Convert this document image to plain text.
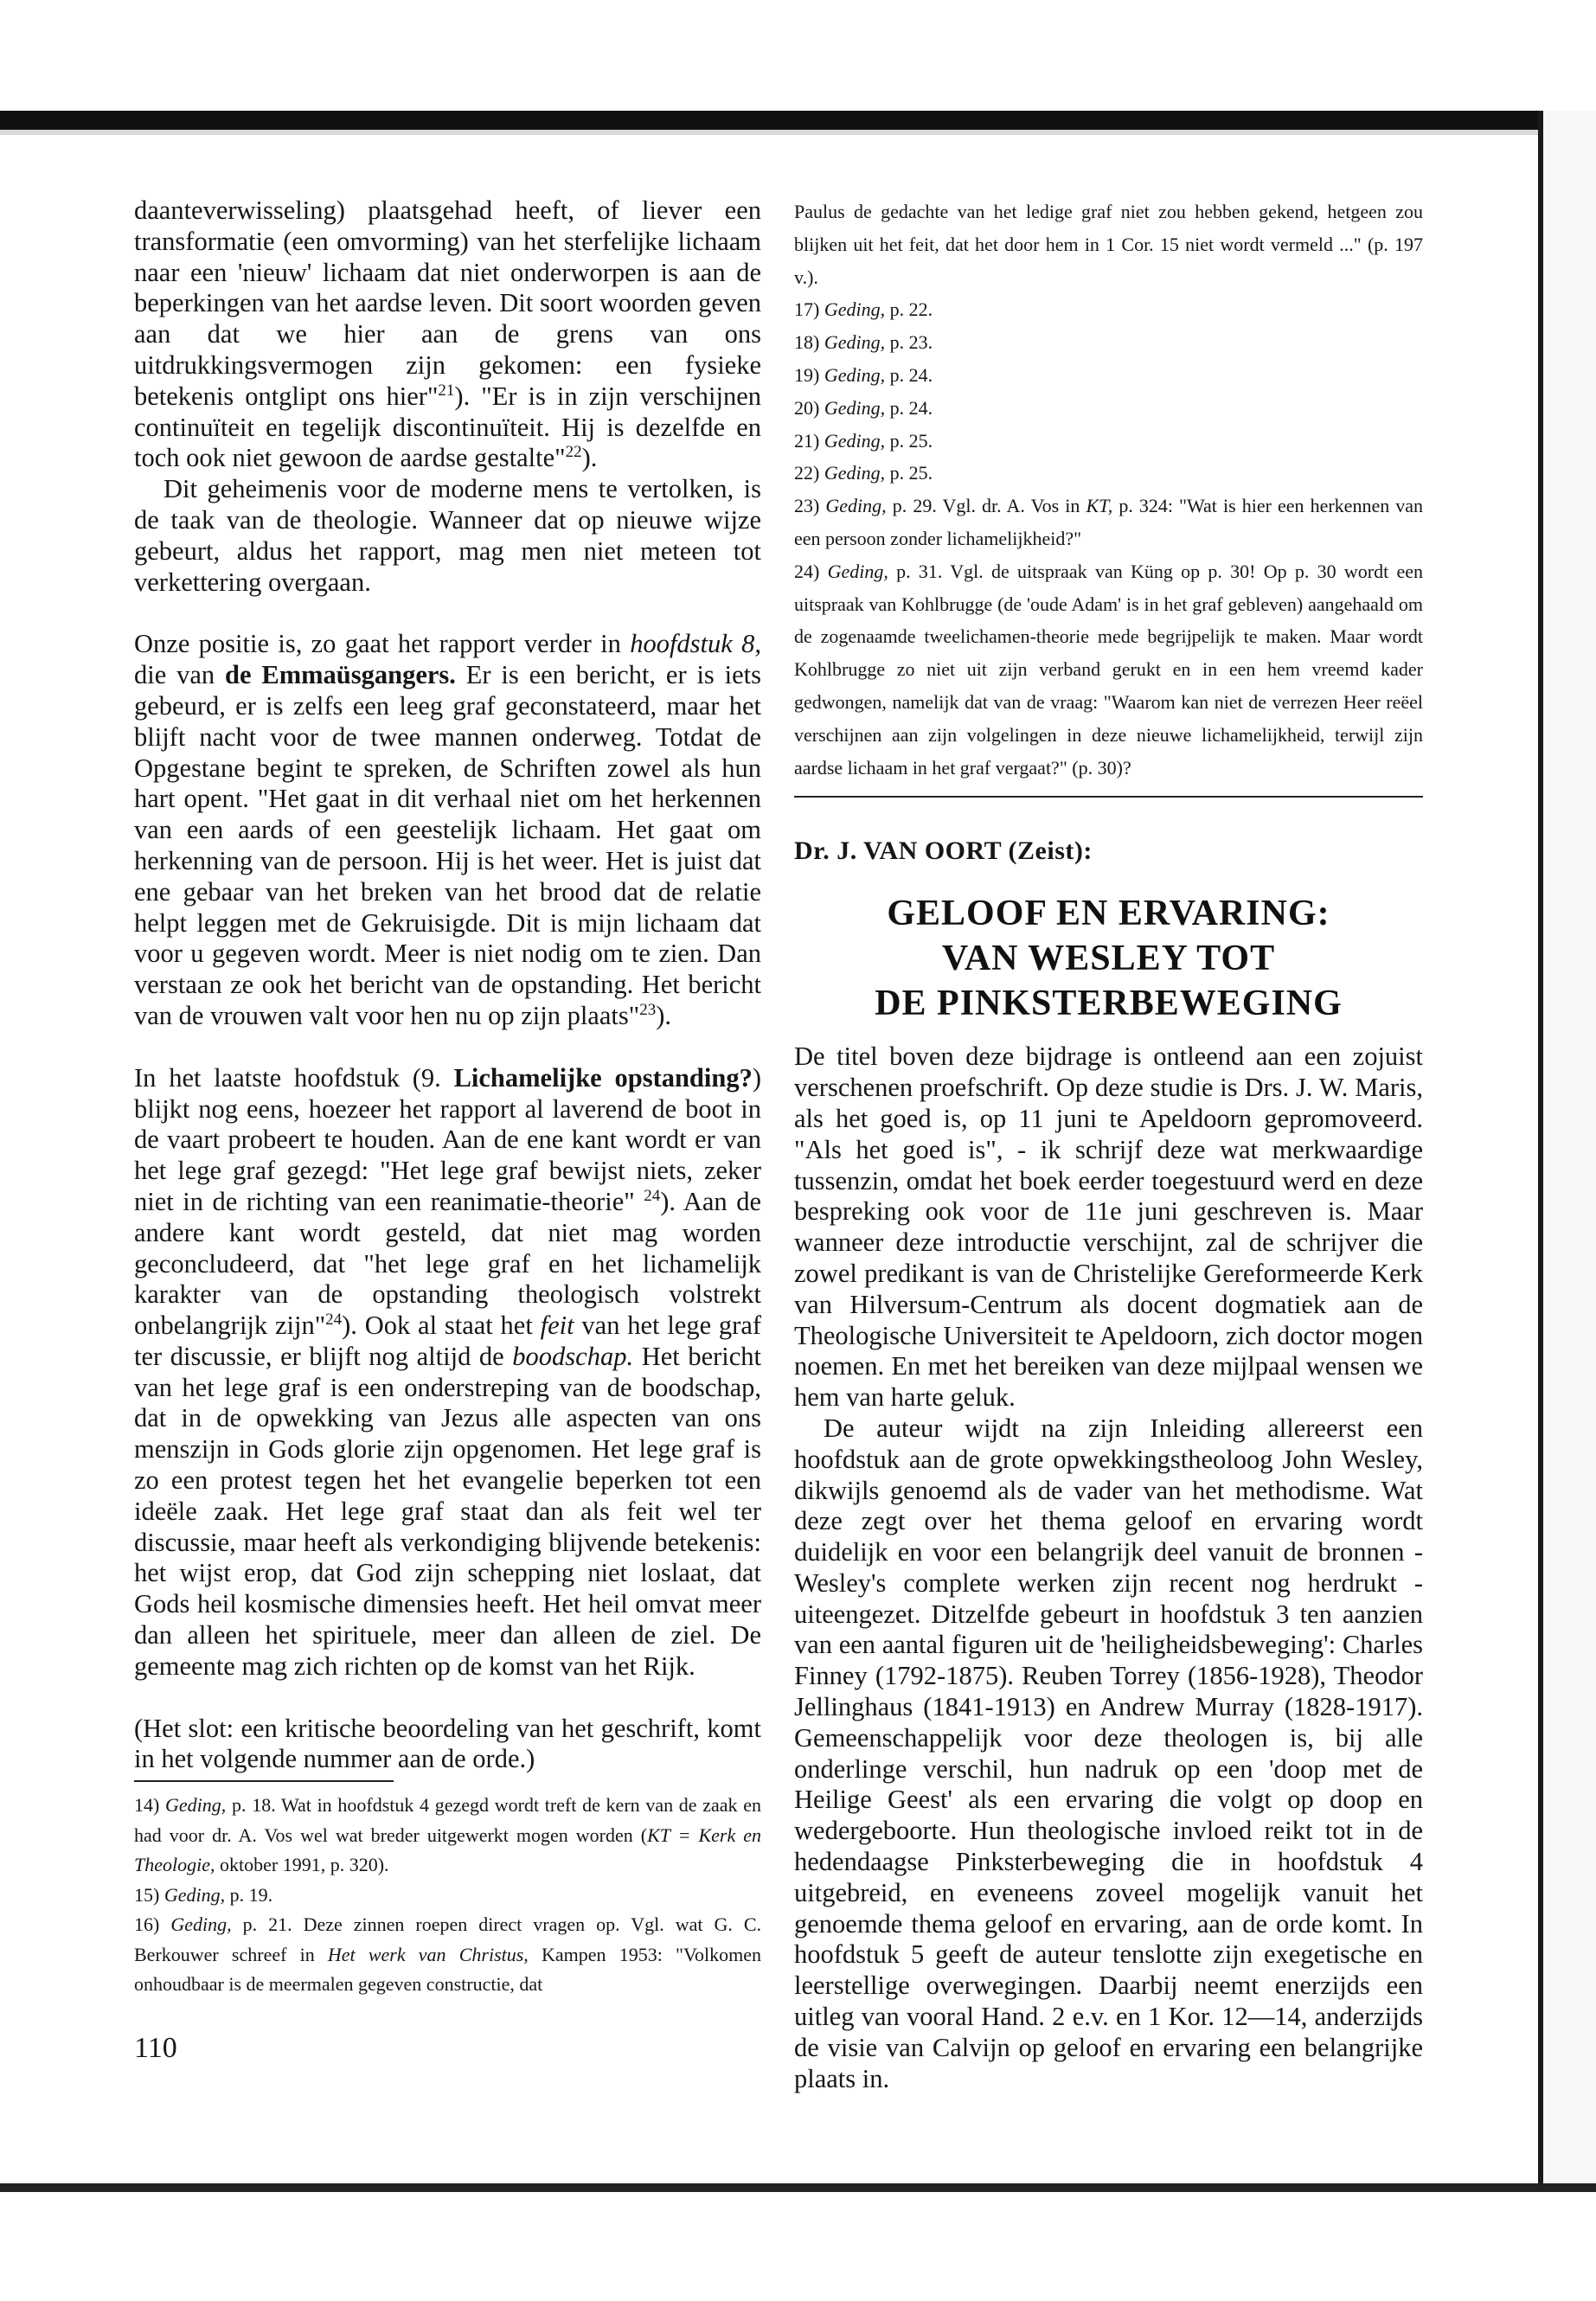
daanteverwisseling) plaatsgehad heeft, of liever een transformatie (een omvorming) van het sterfelijke lichaam naar een 'nieuw' lichaam dat niet onderworpen is aan de beperkingen van het aardse leven. Dit soort woorden geven aan dat we hier aan de grens van ons uitdrukkingsvermogen zijn gekomen: een fysieke betekenis ontglipt ons hier"$^{21}$). "Er is in zijn verschijnen continuïteit en tegelijk discontinuïteit. Hij is dezelfde en toch ook niet gewoon de aardse gestalte"$^{22}$).

Dit geheimenis voor de moderne mens te vertolken, is de taak van de theologie. Wanneer dat op nieuwe wijze gebeurt, aldus het rapport, mag men niet meteen tot verkettering overgaan.

Onze positie is, zo gaat het rapport verder in hoofdstuk 8, die van de Emmaüsgangers. Er is een bericht, er is iets gebeurd, er is zelfs een leeg graf geconstateerd, maar het blijft nacht voor de twee mannen onderweg. Totdat de Opgestane begint te spreken, de Schriften zowel als hun hart opent. "Het gaat in dit verhaal niet om het herkennen van een aards of een geestelijk lichaam. Het gaat om herkenning van de persoon. Hij is het weer. Het is juist dat ene gebaar van het breken van het brood dat de relatie helpt leggen met de Gekruisigde. Dit is mijn lichaam dat voor u gegeven wordt. Meer is niet nodig om te zien. Dan verstaan ze ook het bericht van de opstanding. Het bericht van de vrouwen valt voor hen nu op zijn plaats"$^{23}$).

In het laatste hoofdstuk (9. Lichamelijke opstanding?) blijkt nog eens, hoezeer het rapport al laverend de boot in de vaart probeert te houden. Aan de ene kant wordt er van het lege graf gezegd: "Het lege graf bewijst niets, zeker niet in de richting van een reanimatie-theorie" $^{24}$). Aan de andere kant wordt gesteld, dat niet mag worden geconcludeerd, dat "het lege graf en het lichamelijk karakter van de opstanding theologisch volstrekt onbelangrijk zijn"$^{24}$). Ook al staat het feit van het lege graf ter discussie, er blijft nog altijd de boodschap. Het bericht van het lege graf is een onderstreping van de boodschap, dat in de opwekking van Jezus alle aspecten van ons menszijn in Gods glorie zijn opgenomen. Het lege graf is zo een protest tegen het het evangelie beperken tot een ideële zaak. Het lege graf staat dan als feit wel ter discussie, maar heeft als verkondiging blijvende betekenis: het wijst erop, dat God zijn schepping niet loslaat, dat Gods heil kosmische dimensies heeft. Het heil omvat meer dan alleen het spirituele, meer dan alleen de ziel. De gemeente mag zich richten op de komst van het Rijk.

(Het slot: een kritische beoordeling van het geschrift, komt in het volgende nummer aan de orde.)

14) Geding, p. 18. Wat in hoofdstuk 4 gezegd wordt treft de kern van de zaak en had voor dr. A. Vos wel wat breder uitgewerkt mogen worden (KT = Kerk en Theologie, oktober 1991, p. 320).

15) Geding, p. 19.

16) Geding, p. 21. Deze zinnen roepen direct vragen op. Vgl. wat G. C. Berkouwer schreef in Het werk van Christus, Kampen 1953: "Volkomen onhoudbaar is de meermalen gegeven constructie, dat

110

Paulus de gedachte van het ledige graf niet zou hebben gekend, hetgeen zou blijken uit het feit, dat het door hem in 1 Cor. 15 niet wordt vermeld ..." (p. 197 v.).

17) Geding, p. 22.

18) Geding, p. 23.

19) Geding, p. 24.

20) Geding, p. 24.

21) Geding, p. 25.

22) Geding, p. 25.

23) Geding, p. 29. Vgl. dr. A. Vos in KT, p. 324: "Wat is hier een herkennen van een persoon zonder lichamelijkheid?"

24) Geding, p. 31. Vgl. de uitspraak van Küng op p. 30! Op p. 30 wordt een uitspraak van Kohlbrugge (de 'oude Adam' is in het graf gebleven) aangehaald om de zogenaamde tweelichamen-theorie mede begrijpelijk te maken. Maar wordt Kohlbrugge zo niet uit zijn verband gerukt en in een hem vreemd kader gedwongen, namelijk dat van de vraag: "Waarom kan niet de verrezen Heer reëel verschijnen aan zijn volgelingen in deze nieuwe lichamelijkheid, terwijl zijn aardse lichaam in het graf vergaat?" (p. 30)?

Dr. J. VAN OORT (Zeist):
GELOOF EN ERVARING:
VAN WESLEY TOT
DE PINKSTERBEWEGING

De titel boven deze bijdrage is ontleend aan een zojuist verschenen proefschrift. Op deze studie is Drs. J. W. Maris, als het goed is, op 11 juni te Apeldoorn gepromoveerd. "Als het goed is", - ik schrijf deze wat merkwaardige tussenzin, omdat het boek eerder toegestuurd werd en deze bespreking ook voor de 11e juni geschreven is. Maar wanneer deze introductie verschijnt, zal de schrijver die zowel predikant is van de Christelijke Gereformeerde Kerk van Hilversum-Centrum als docent dogmatiek aan de Theologische Universiteit te Apeldoorn, zich doctor mogen noemen. En met het bereiken van deze mijlpaal wensen we hem van harte geluk.

De auteur wijdt na zijn Inleiding allereerst een hoofdstuk aan de grote opwekkingstheoloog John Wesley, dikwijls genoemd als de vader van het methodisme. Wat deze zegt over het thema geloof en ervaring wordt duidelijk en voor een belangrijk deel vanuit de bronnen - Wesley's complete werken zijn recent nog herdrukt - uiteengezet. Ditzelfde gebeurt in hoofdstuk 3 ten aanzien van een aantal figuren uit de 'heiligheidsbeweging': Charles Finney (1792-1875). Reuben Torrey (1856-1928), Theodor Jellinghaus (1841-1913) en Andrew Murray (1828-1917). Gemeenschappelijk voor deze theologen is, bij alle onderlinge verschil, hun nadruk op een 'doop met de Heilige Geest' als een ervaring die volgt op doop en wedergeboorte. Hun theologische invloed reikt tot in de hedendaagse Pinksterbeweging die in hoofdstuk 4 uitgebreid, en eveneens zoveel mogelijk vanuit het genoemde thema geloof en ervaring, aan de orde komt. In hoofdstuk 5 geeft de auteur tenslotte zijn exegetische en leerstellige overwegingen. Daarbij neemt enerzijds een uitleg van vooral Hand. 2 e.v. en 1 Kor. 12—14, anderzijds de visie van Calvijn op geloof en ervaring een belangrijke plaats in.
